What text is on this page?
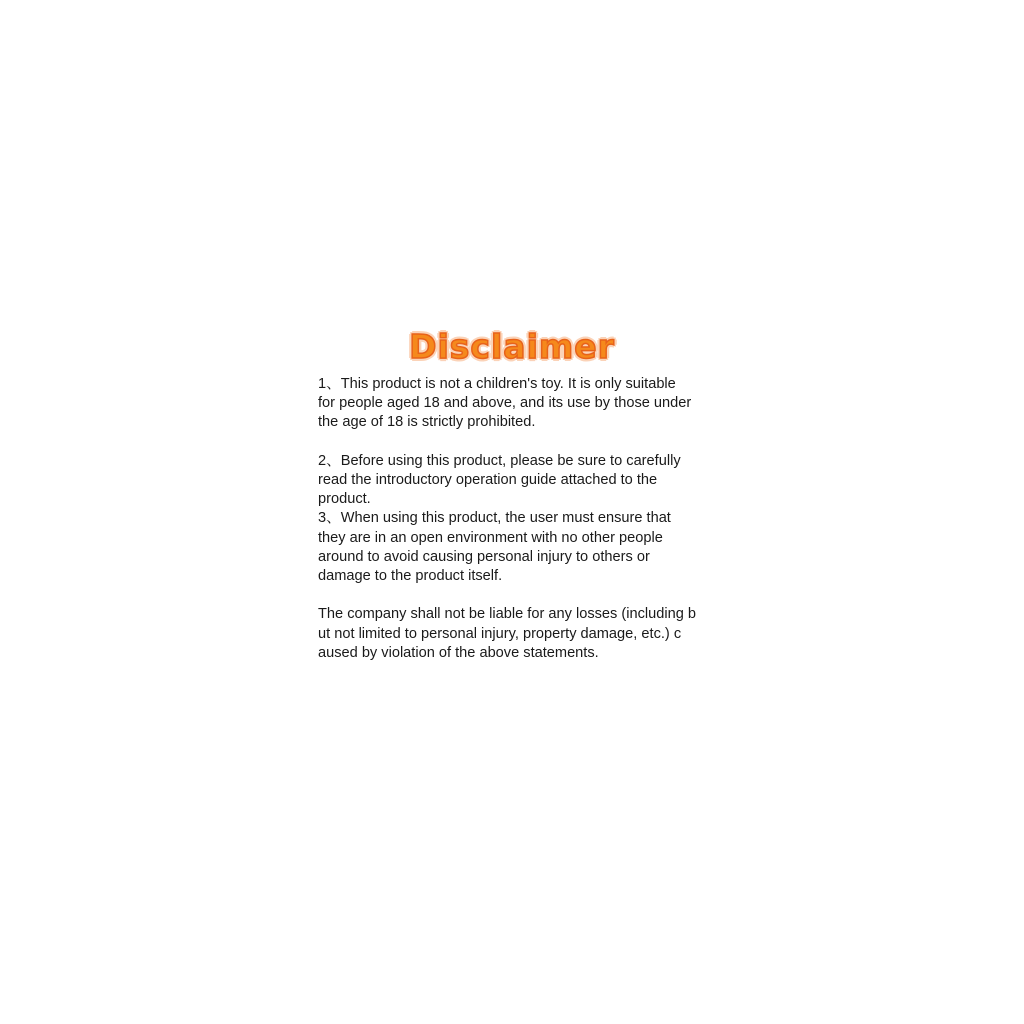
Disclaimer

1、This product is not a children's toy. It is only suitable
for people aged 18 and above, and its use by those under
the age of 18 is strictly prohibited.

2、Before using this product, please be sure to carefully
read the introductory operation guide attached to the
product.

3、When using this product, the user must ensure that
they are in an open environment with no other people
around to avoid causing personal injury to others or
damage to the product itself.

The company shall not be liable for any losses (including b
ut not limited to personal injury, property damage, etc.) c
aused by violation of the above statements.
